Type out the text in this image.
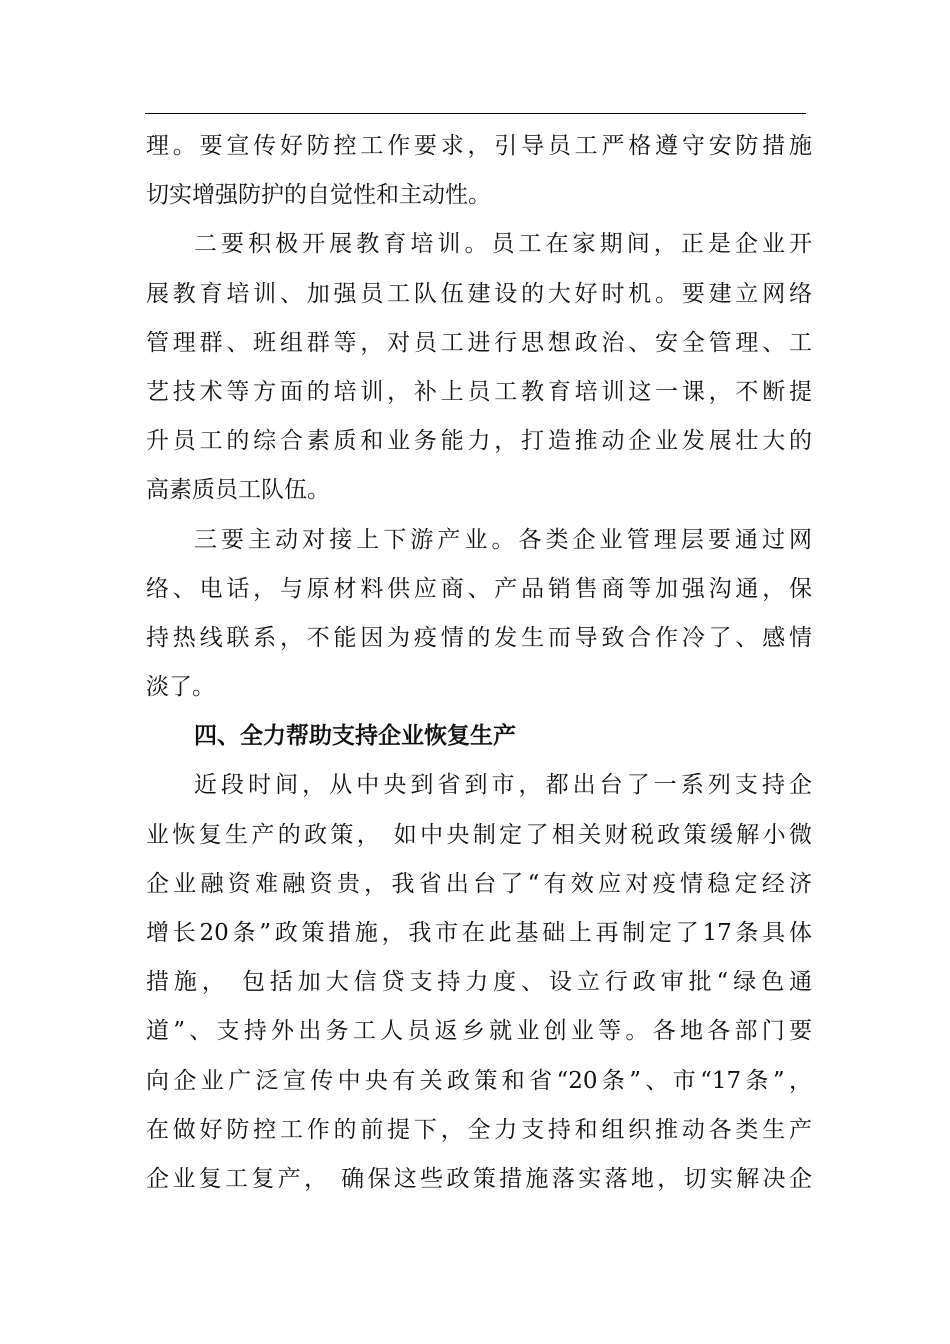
理。要宣传好防控工作要求，引导员工严格遵守安防措施
切实增强防护的自觉性和主动性。
二要积极开展教育培训。员工在家期间，正是企业开
展教育培训、加强员工队伍建设的大好时机。要建立网络
管理群、班组群等，对员工进行思想政治、安全管理、工
艺技术等方面的培训，补上员工教育培训这一课，不断提
升员工的综合素质和业务能力，打造推动企业发展壮大的
高素质员工队伍。
三要主动对接上下游产业。各类企业管理层要通过网
络、电话，与原材料供应商、产品销售商等加强沟通，保
持热线联系，不能因为疫情的发生而导致合作冷了、感情
淡了。
四、全力帮助支持企业恢复生产
近段时间，从中央到省到市，都出台了一系列支持企
业恢复生产的政策， 如中央制定了相关财税政策缓解小微
企业融资难融资贵，我省出台了“有效应对疫情稳定经济
增长20条”政策措施，我市在此基础上再制定了17条具体
措施， 包括加大信贷支持力度、设立行政审批“绿色通
道”、支持外出务工人员返乡就业创业等。各地各部门要
向企业广泛宣传中央有关政策和省“20条”、市“17条”，
在做好防控工作的前提下，全力支持和组织推动各类生产
企业复工复产， 确保这些政策措施落实落地，切实解决企
